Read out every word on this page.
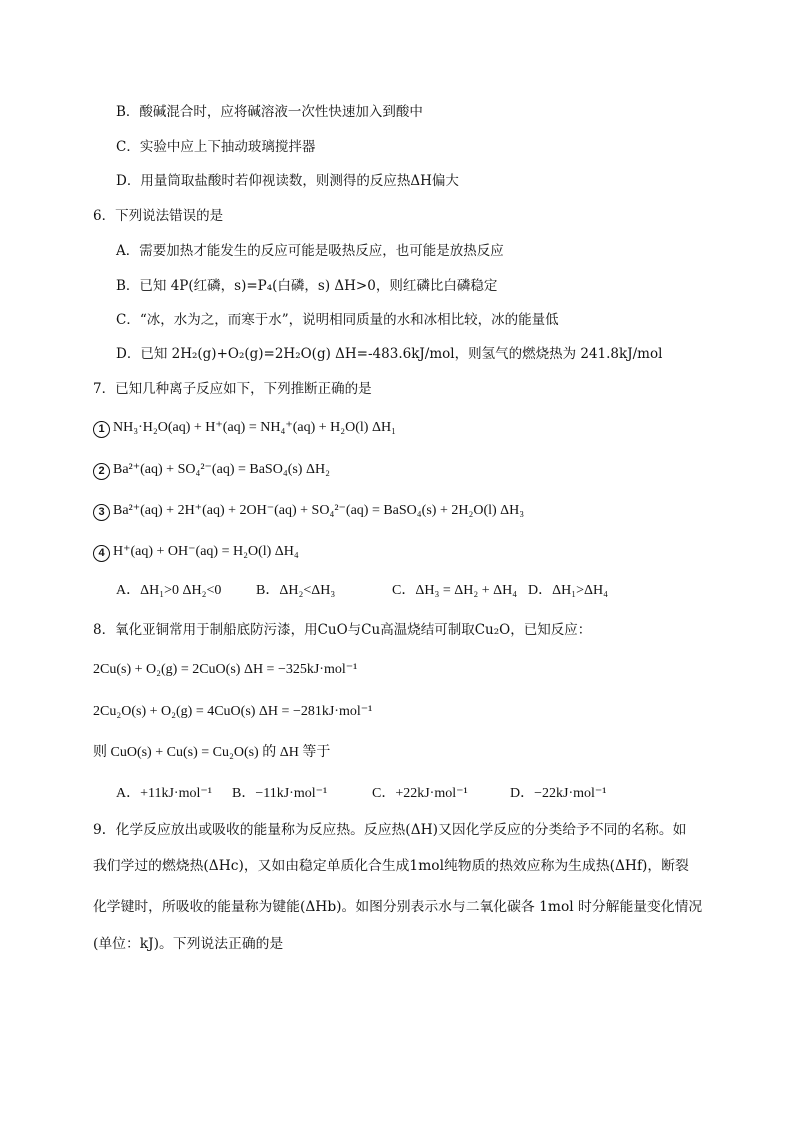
B．酸碱混合时，应将碱溶液一次性快速加入到酸中
C．实验中应上下抽动玻璃搅拌器
D．用量筒取盐酸时若仰视读数，则测得的反应热ΔH偏大
6．下列说法错误的是
A．需要加热才能发生的反应可能是吸热反应，也可能是放热反应
B．已知 4P(红磷，s)=P₄(白磷，s) ΔH>0，则红磷比白磷稳定
C．“冰，水为之，而寒于水”，说明相同质量的水和冰相比较，冰的能量低
D．已知 2H₂(g)+O₂(g)=2H₂O(g) ΔH=-483.6kJ/mol，则氢气的燃烧热为 241.8kJ/mol
7．已知几种离子反应如下，下列推断正确的是
1 NH₃·H₂O(aq) + H⁺(aq) = NH₄⁺(aq) + H₂O(l) ΔH₁
2 Ba²⁺(aq) + SO₄²⁻(aq) = BaSO₄(s) ΔH₂
3 Ba²⁺(aq) + 2H⁺(aq) + 2OH⁻(aq) + SO₄²⁻(aq) = BaSO₄(s) + 2H₂O(l) ΔH₃
4 H⁺(aq) + OH⁻(aq) = H₂O(l) ΔH₄
A．ΔH₁>0 ΔH₂<0 B．ΔH₂<ΔH₃	C．ΔH₃ = ΔH₂ + ΔH₄ D．ΔH₁>ΔH₄
8．氧化亚铜常用于制船底防污漆，用CuO与Cu高温烧结可制取Cu₂O，已知反应：
2Cu(s) + O₂(g) = 2CuO(s) ΔH = −325kJ·mol⁻¹
2Cu₂O(s) + O₂(g) = 4CuO(s) ΔH = −281kJ·mol⁻¹
则 CuO(s) + Cu(s) = Cu₂O(s) 的 ΔH 等于
A．+11kJ·mol⁻¹ B．−11kJ·mol⁻¹	C．+22kJ·mol⁻¹	D．−22kJ·mol⁻¹
9．化学反应放出或吸收的能量称为反应热。反应热(ΔH)又因化学反应的分类给予不同的名称。如
我们学过的燃烧热(ΔHc)，又如由稳定单质化合生成1mol纯物质的热效应称为生成热(ΔHf)，断裂
化学键时，所吸收的能量称为键能(ΔHb)。如图分别表示水与二氧化碳各 1mol 时分解能量变化情况
(单位：kJ)。下列说法正确的是
